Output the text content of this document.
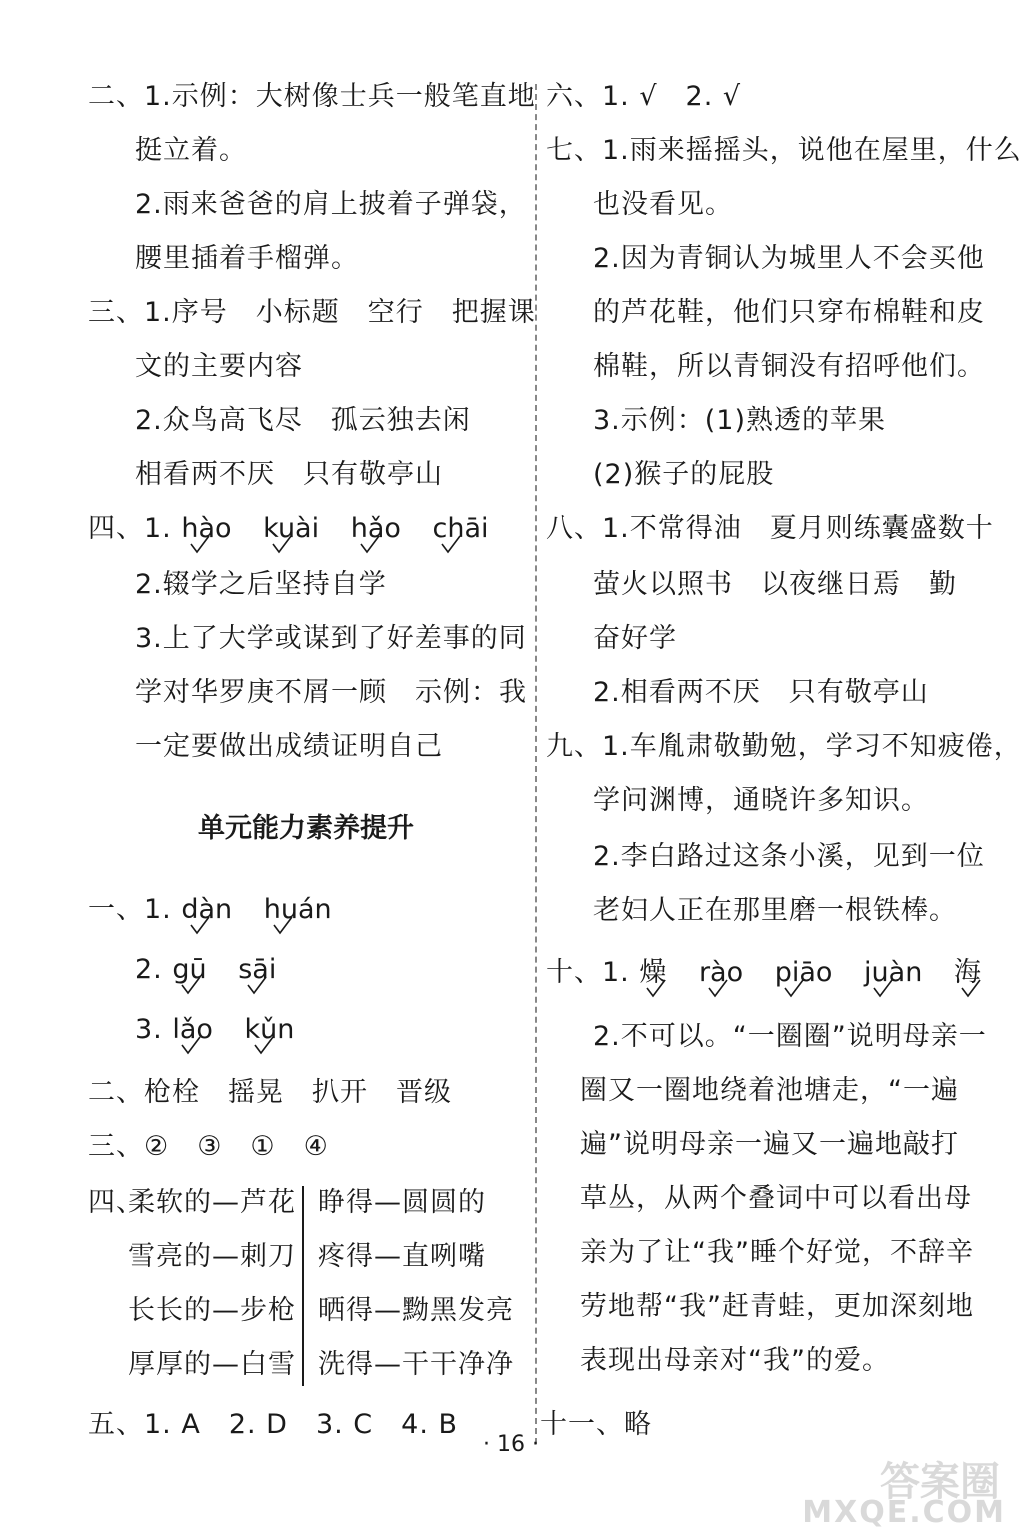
二、1.示例：大树像士兵一般笔直地
挺立着。
2.雨来爸爸的肩上披着子弹袋，
腰里插着手榴弹。
三、1.序号　小标题　空行　把握课
文的主要内容
2.众鸟高飞尽　孤云独去闲
相看两不厌　只有敬亭山
四、1. hào kuài hǎo chāi
2.辍学之后坚持自学
3.上了大学或谋到了好差事的同
学对华罗庚不屑一顾　示例：我
一定要做出成绩证明自己
单元能力素养提升
一、1. dàn huán
2. gū sāi
3. lǎo kǔn
二、枪栓　摇晃　扒开　晋级
三、②　③　①　④
四、
柔软的—芦花
雪亮的—刺刀
长长的—步枪
厚厚的—白雪
睁得—圆圆的
疼得—直咧嘴
晒得—黝黑发亮
洗得—干干净净
五、1. A　2. D　3. C　4. B
六、1. √　2. √
七、1.雨来摇摇头，说他在屋里，什么
也没看见。
2.因为青铜认为城里人不会买他
的芦花鞋，他们只穿布棉鞋和皮
棉鞋，所以青铜没有招呼他们。
3.示例：(1)熟透的苹果
(2)猴子的屁股
八、1.不常得油　夏月则练囊盛数十
萤火以照书　以夜继日焉　勤
奋好学
2.相看两不厌　只有敬亭山
九、1.车胤肃敬勤勉，学习不知疲倦，
学问渊博，通晓许多知识。
2.李白路过这条小溪，见到一位
老妇人正在那里磨一根铁棒。
十、1. 燥 rào piāo juàn 海
2.不可以。“一圈圈”说明母亲一
圈又一圈地绕着池塘走，“一遍
遍”说明母亲一遍又一遍地敲打
草丛，从两个叠词中可以看出母
亲为了让“我”睡个好觉，不辞辛
劳地帮“我”赶青蛙，更加深刻地
表现出母亲对“我”的爱。
十一、略
· 16 ·
答案圈
MXQE.COM
